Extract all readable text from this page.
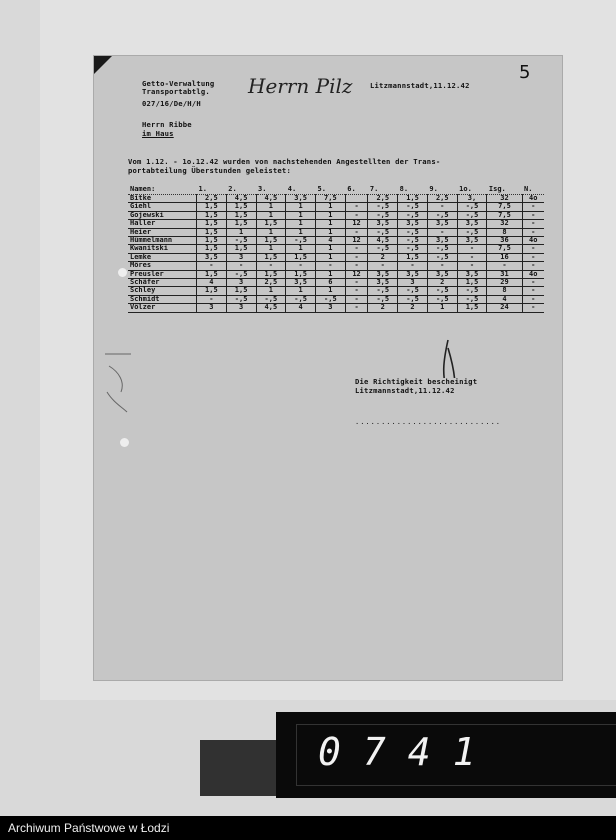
Getto-Verwaltung
Transportabtlg.
027/16/De/H/H
Herrn Pilz Litzmannstadt,11.12.42
5
Herrn Ribbe
im Haus
Vom 1.12. - 1o.12.42 wurden von nachstehenden Angestellten der Trans-
portabteilung Überstunden geleistet:
Namen:	1.	2.	3.	4.	5.	6.	7.	8.	9.	1o.	Isg.	N.
Bitke	2,5	4,5	4,5	3,5	7,5		2,5	1,5	2,5	3,	32	4o
Giehl	1,5	1,5	1	1	1	-	-,5	-,5	-	-,5	7,5	-
Gojewski	1,5	1,5	1	1	1	-	-,5	-,5	-,5	-,5	7,5	-
Haller	1,5	1,5	1,5	1	1	12	3,5	3,5	3,5	3,5	32	-
Heier	1,5	1	1	1	1	-	-,5	-,5	-	-,5	8	-
Hümmelmann	1,5	-,5	1,5	-,5	4	12	4,5	-,5	3,5	3,5	36	4o
Kwanitski	1,5	1,5	1	1	1	-	-,5	-,5	-,5	-	7,5	-
Lemke	3,5	3	1,5	1,5	1	-	2	1,5	-,5	-	16	-
Möres	-	-	-	-	-	-	-	-	-	-	-	-
Preusler	1,5	-,5	1,5	1,5	1	12	3,5	3,5	3,5	3,5	31	4o
Schäfer	4	3	2,5	3,5	6	-	3,5	3	2	1,5	29	-
Schley	1,5	1,5	1	1	1	-	-,5	-,5	-,5	-,5	8	-
Schmidt	-	-,5	-,5	-,5	-,5	-	-,5	-,5	-,5	-,5	4	-
Völzer	3	3	4,5	4	3	-	2	2	1	1,5	24	-
Die Richtigkeit bescheinigt
Litzmannstadt,11.12.42
............................
0741
Archiwum Państwowe w Łodzi
